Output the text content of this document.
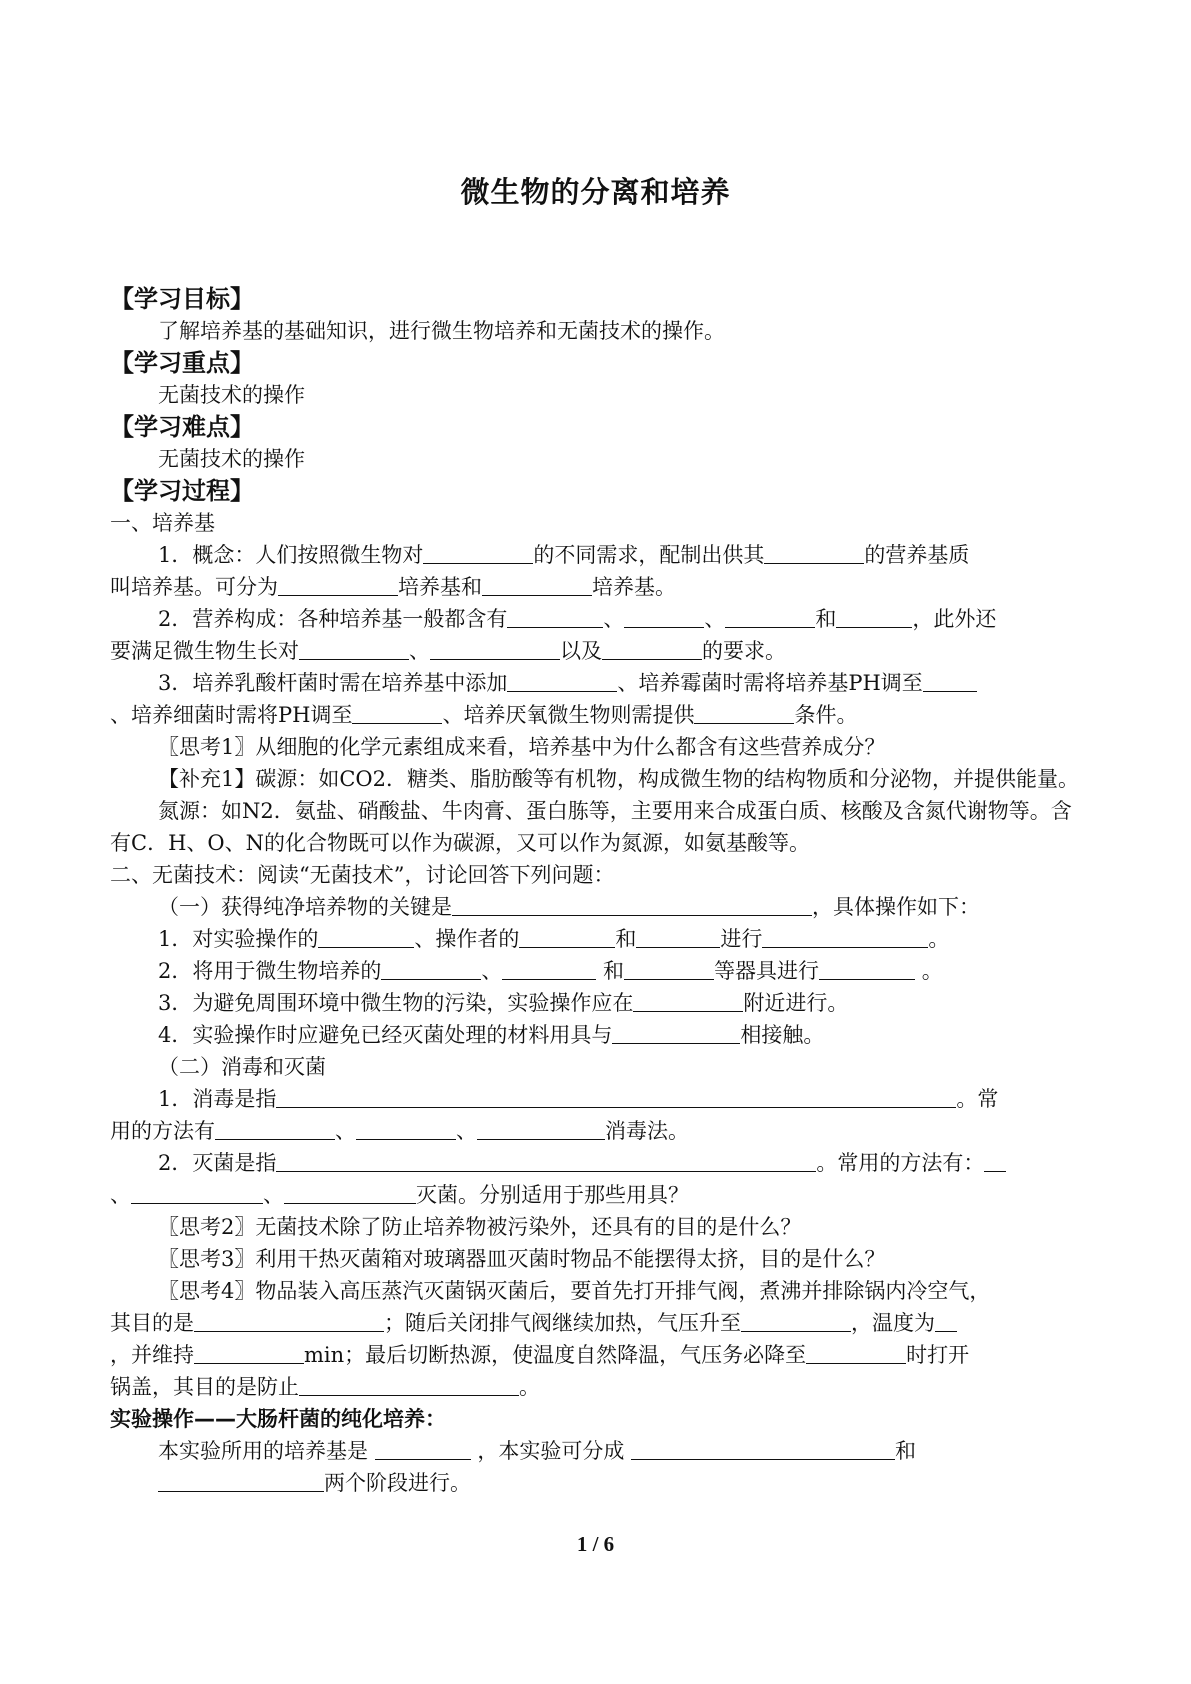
微生物的分离和培养

【学习目标】

了解培养基的基础知识，进行微生物培养和无菌技术的操作。

【学习重点】

无菌技术的操作

【学习难点】

无菌技术的操作

【学习过程】

一、培养基

1．概念：人们按照微生物对	的不同需求，配制出供其	的营养基质

叫培养基。可分为	培养基和	培养基。

2．营养构成：各种培养基一般都含有	、	、	和	，此外还

要满足微生物生长对	、	以及	的要求。

3．培养乳酸杆菌时需在培养基中添加	、培养霉菌时需将培养基PH调至

、培养细菌时需将PH调至	、培养厌氧微生物则需提供	条件。

〖思考1〗从细胞的化学元素组成来看，培养基中为什么都含有这些营养成分？

【补充1】碳源：如CO2．糖类、脂肪酸等有机物，构成微生物的结构物质和分泌物，并提供能量。

氮源：如N2．氨盐、硝酸盐、牛肉膏、蛋白胨等，主要用来合成蛋白质、核酸及含氮代谢物等。含有C．H、O、N的化合物既可以作为碳源，又可以作为氮源，如氨基酸等。

二、无菌技术：阅读“无菌技术”，讨论回答下列问题：

（一）获得纯净培养物的关键是	，具体操作如下：

1．对实验操作的	、操作者的	和	进行	。

2．将用于微生物培养的	、	和	等器具进行	。

3．为避免周围环境中微生物的污染，实验操作应在	附近进行。

4．实验操作时应避免已经灭菌处理的材料用具与	相接触。

（二）消毒和灭菌

1．消毒是指	。常

用的方法有	、	、	消毒法。

2．灭菌是指	。常用的方法有：

、	、	灭菌。分别适用于那些用具？

〖思考2〗无菌技术除了防止培养物被污染外，还具有的目的是什么？

〖思考3〗利用干热灭菌箱对玻璃器皿灭菌时物品不能摆得太挤，目的是什么？

〖思考4〗物品装入高压蒸汽灭菌锅灭菌后，要首先打开排气阀，煮沸并排除锅内冷空气，

其目的是	；随后关闭排气阀继续加热，气压升至	，温度为

，并维持	min；最后切断热源，使温度自然降温，气压务必降至	时打开

锅盖，其目的是防止	。

实验操作——大肠杆菌的纯化培养：

本实验所用的培养基是	，本实验可分成	和

两个阶段进行。

1 / 6
